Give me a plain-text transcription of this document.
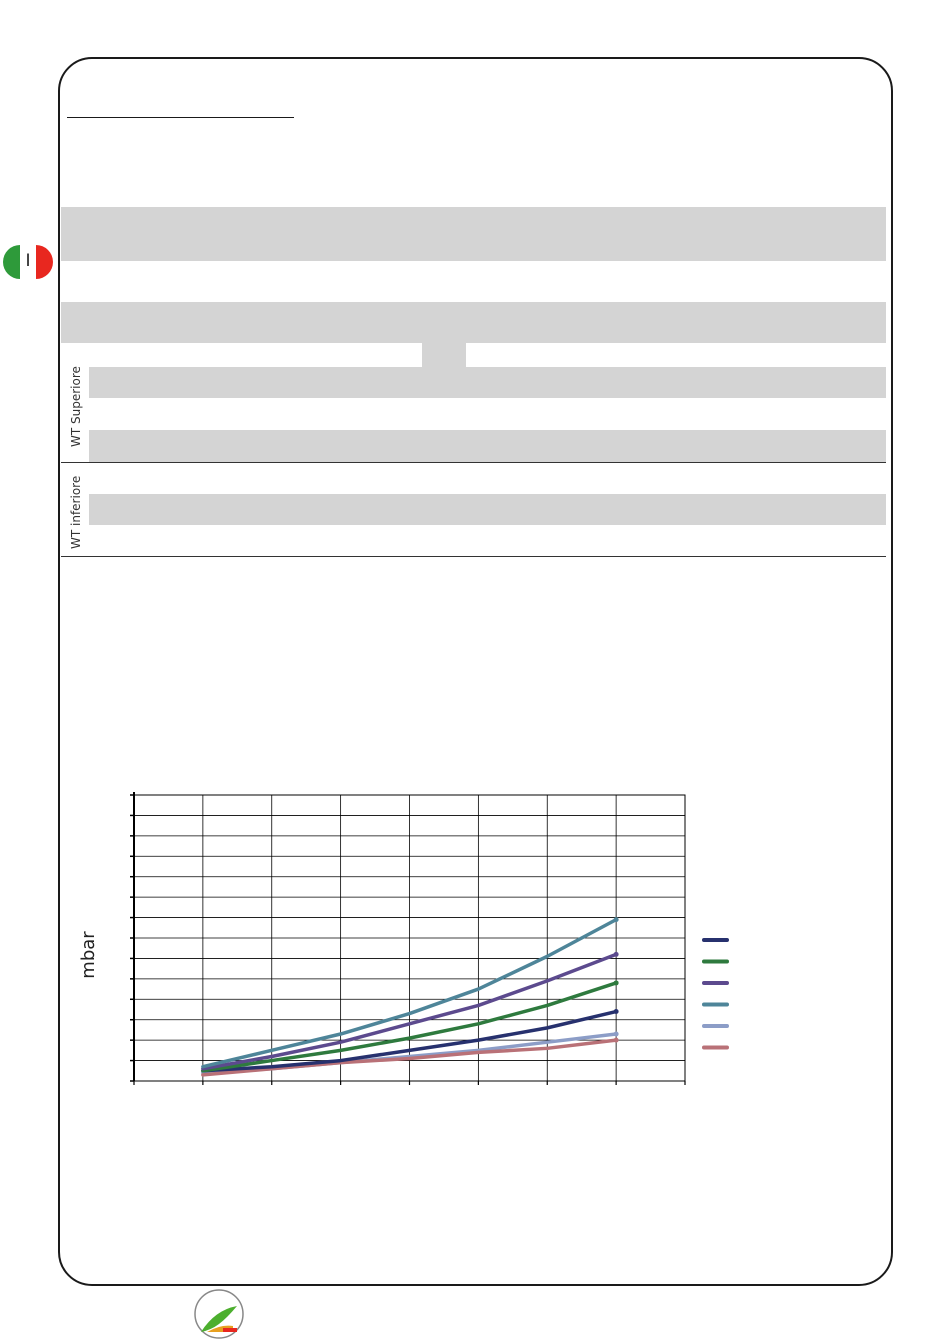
I
WT Superiore
WT inferiore
mbar
